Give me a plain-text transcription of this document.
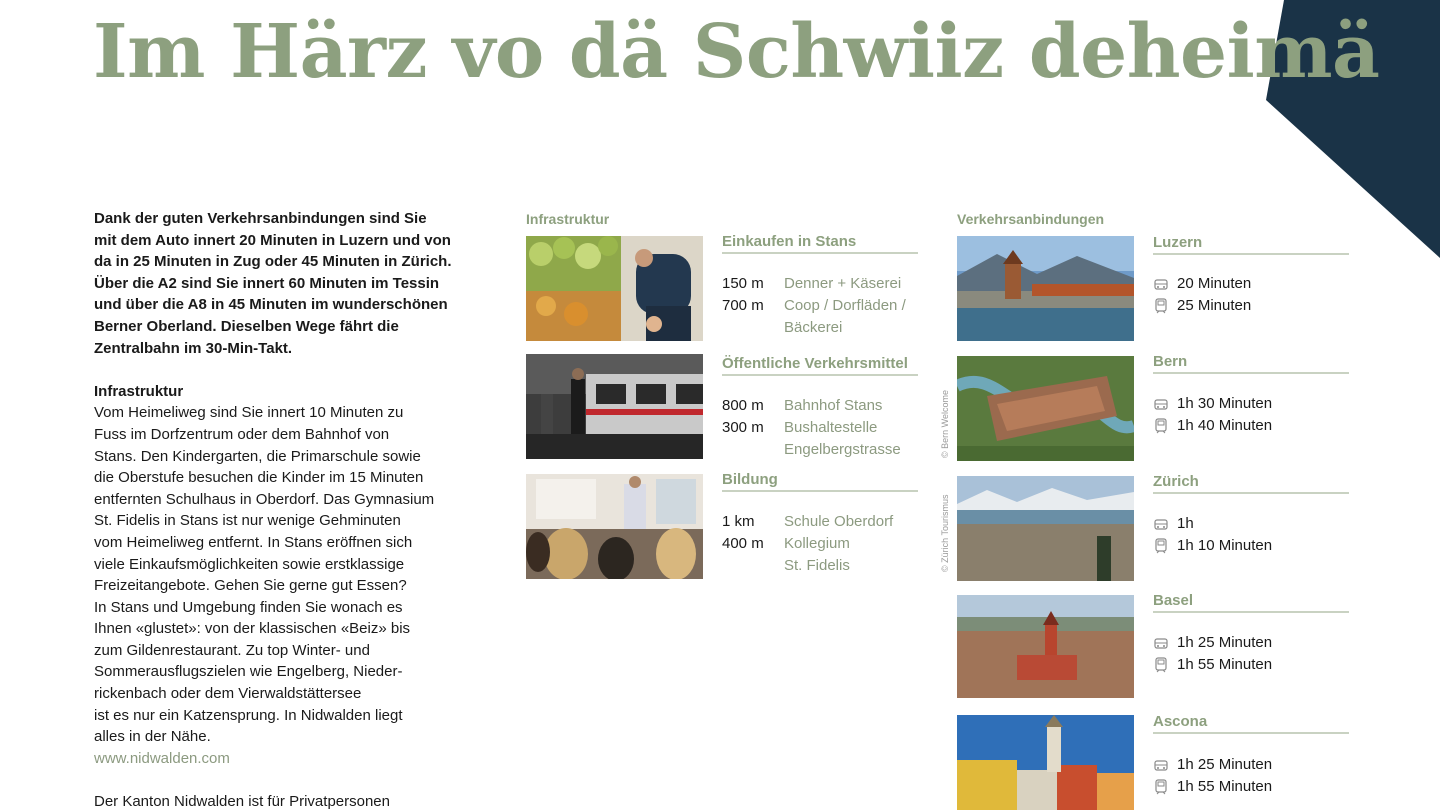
Im Härz vo dä Schwiiz deheimä

Dank der guten Verkehrsanbindungen sind Sie
mit dem Auto innert 20 Minuten in Luzern und von
da in 25 Minuten in Zug oder 45 Minuten in Zürich.
Über die A2 sind Sie innert 60 Minuten im Tessin
und über die A8 in 45 Minuten im wunderschönen
Berner Oberland. Dieselben Wege fährt die
Zentralbahn im 30-Min-Takt.

Infrastruktur

Vom Heimeliweg sind Sie innert 10 Minuten zu
Fuss im Dorfzentrum oder dem Bahnhof von
Stans. Den Kindergarten, die Primarschule sowie
die Oberstufe besuchen die Kinder im 15 Minuten
entfernten Schulhaus in Oberdorf. Das Gymnasium
St. Fidelis in Stans ist nur wenige Gehminuten
vom Heimeliweg entfernt. In Stans eröffnen sich
viele Einkaufsmöglichkeiten sowie erstklassige
Freizeitangebote. Gehen Sie gerne gut Essen?
In Stans und Umgebung finden Sie wonach es
Ihnen «glustet»: von der klassischen «Beiz» bis
zum Gildenrestaurant. Zu top Winter- und
Sommerausflugszielen wie Engelberg, Nieder-
rickenbach oder dem Vierwaldstättersee
ist es nur ein Katzensprung. In Nidwalden liegt
alles in der Nähe.

www.nidwalden.com

Der Kanton Nidwalden ist für Privatpersonen

Infrastruktur
Einkaufen in Stans
150 m Denner + Käserei
700 m Coop / Dorfläden /
Bäckerei
Öffentliche Verkehrsmittel
800 m Bahnhof Stans
300 m Bushaltestelle
Engelbergstrasse
Bildung
1 km Schule Oberdorf
400 m Kollegium
St. Fidelis
© Bern Welcome
© Zürich Tourismus
Verkehrsanbindungen
Luzern
20 Minuten
25 Minuten
Bern
1h 30 Minuten
1h 40 Minuten
Zürich
1h
1h 10 Minuten
Basel
1h 25 Minuten
1h 55 Minuten
Ascona
1h 25 Minuten
1h 55 Minuten
